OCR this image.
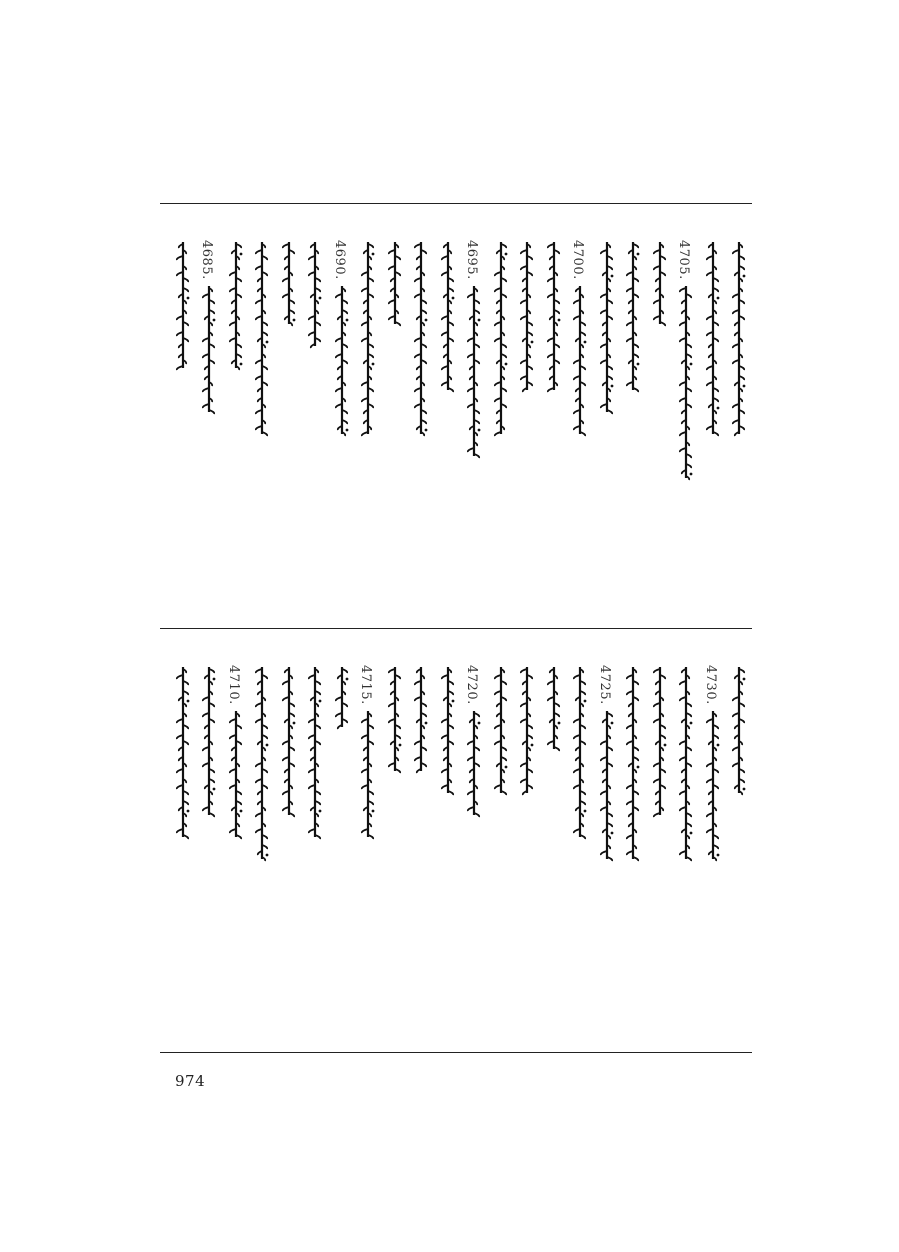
4705.
4700.
4695.
4690.
4685.
4730.
4725.
4720.
4715.
4710.
974
